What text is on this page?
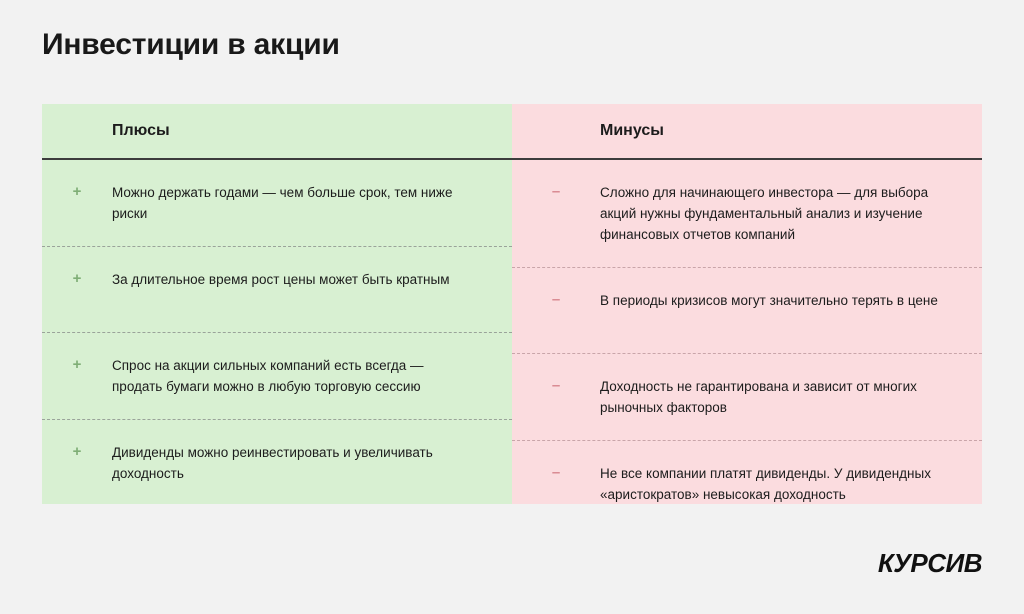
Инвестиции в акции
Плюсы
+	Можно держать годами — чем больше срок, тем ниже риски
+	За длительное время рост цены может быть кратным
+	Спрос на акции сильных компаний есть всегда — продать бумаги можно в любую торговую сессию
+	Дивиденды можно реинвестировать и увеличивать доходность
Минусы
–	Сложно для начинающего инвестора — для выбора акций нужны фундаментальный анализ и изучение финансовых отчетов компаний
–	В периоды кризисов могут значительно терять в цене
–	Доходность не гарантирована и зависит от многих рыночных факторов
–	Не все компании платят дивиденды. У дивидендных «аристократов» невысокая доходность
КУРСИВ
